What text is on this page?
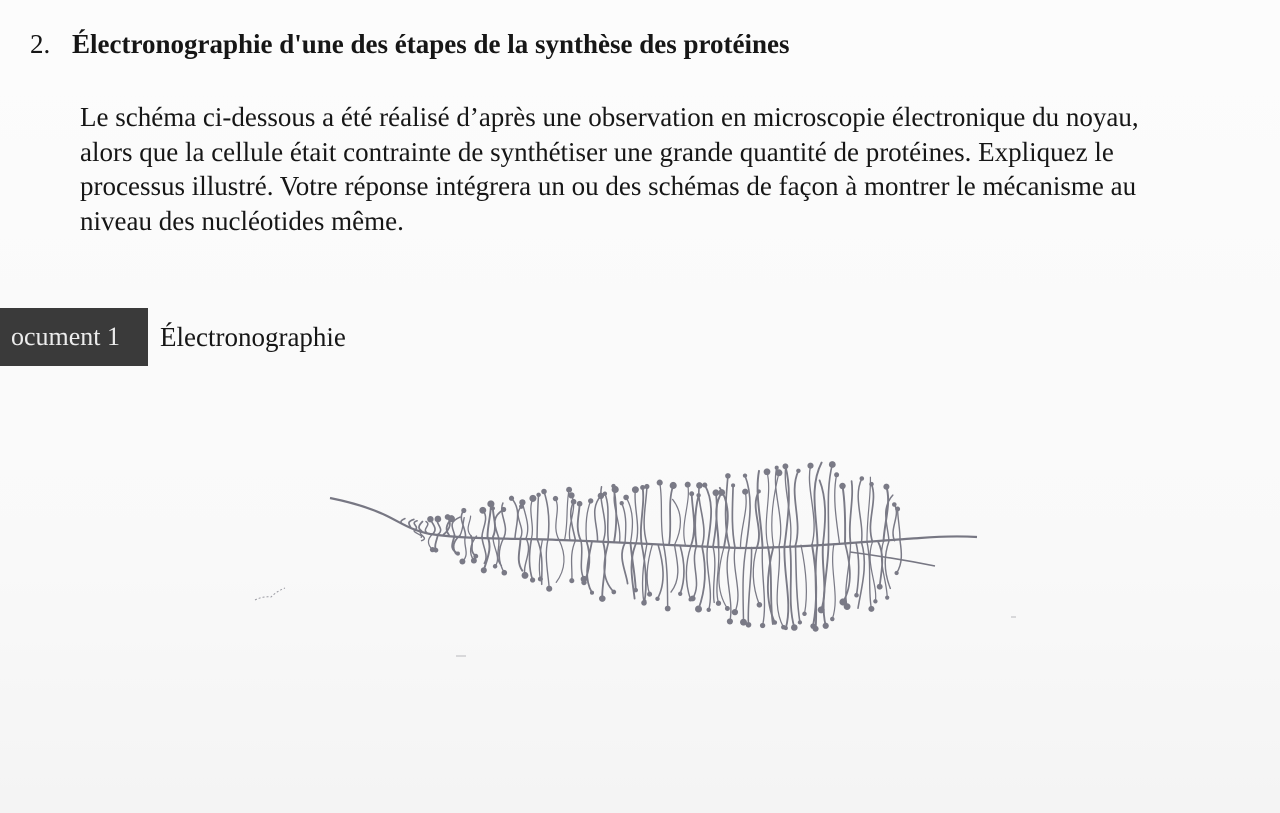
2. Électronographie d'une des étapes de la synthèse des protéines
Le schéma ci-dessous a été réalisé d’après une observation en microscopie électronique du noyau,
alors que la cellule était contrainte de synthétiser une grande quantité de protéines. Expliquez le
processus illustré. Votre réponse intégrera un ou des schémas de façon à montrer le mécanisme au
niveau des nucléotides même.
ocument 1 Électronographie
